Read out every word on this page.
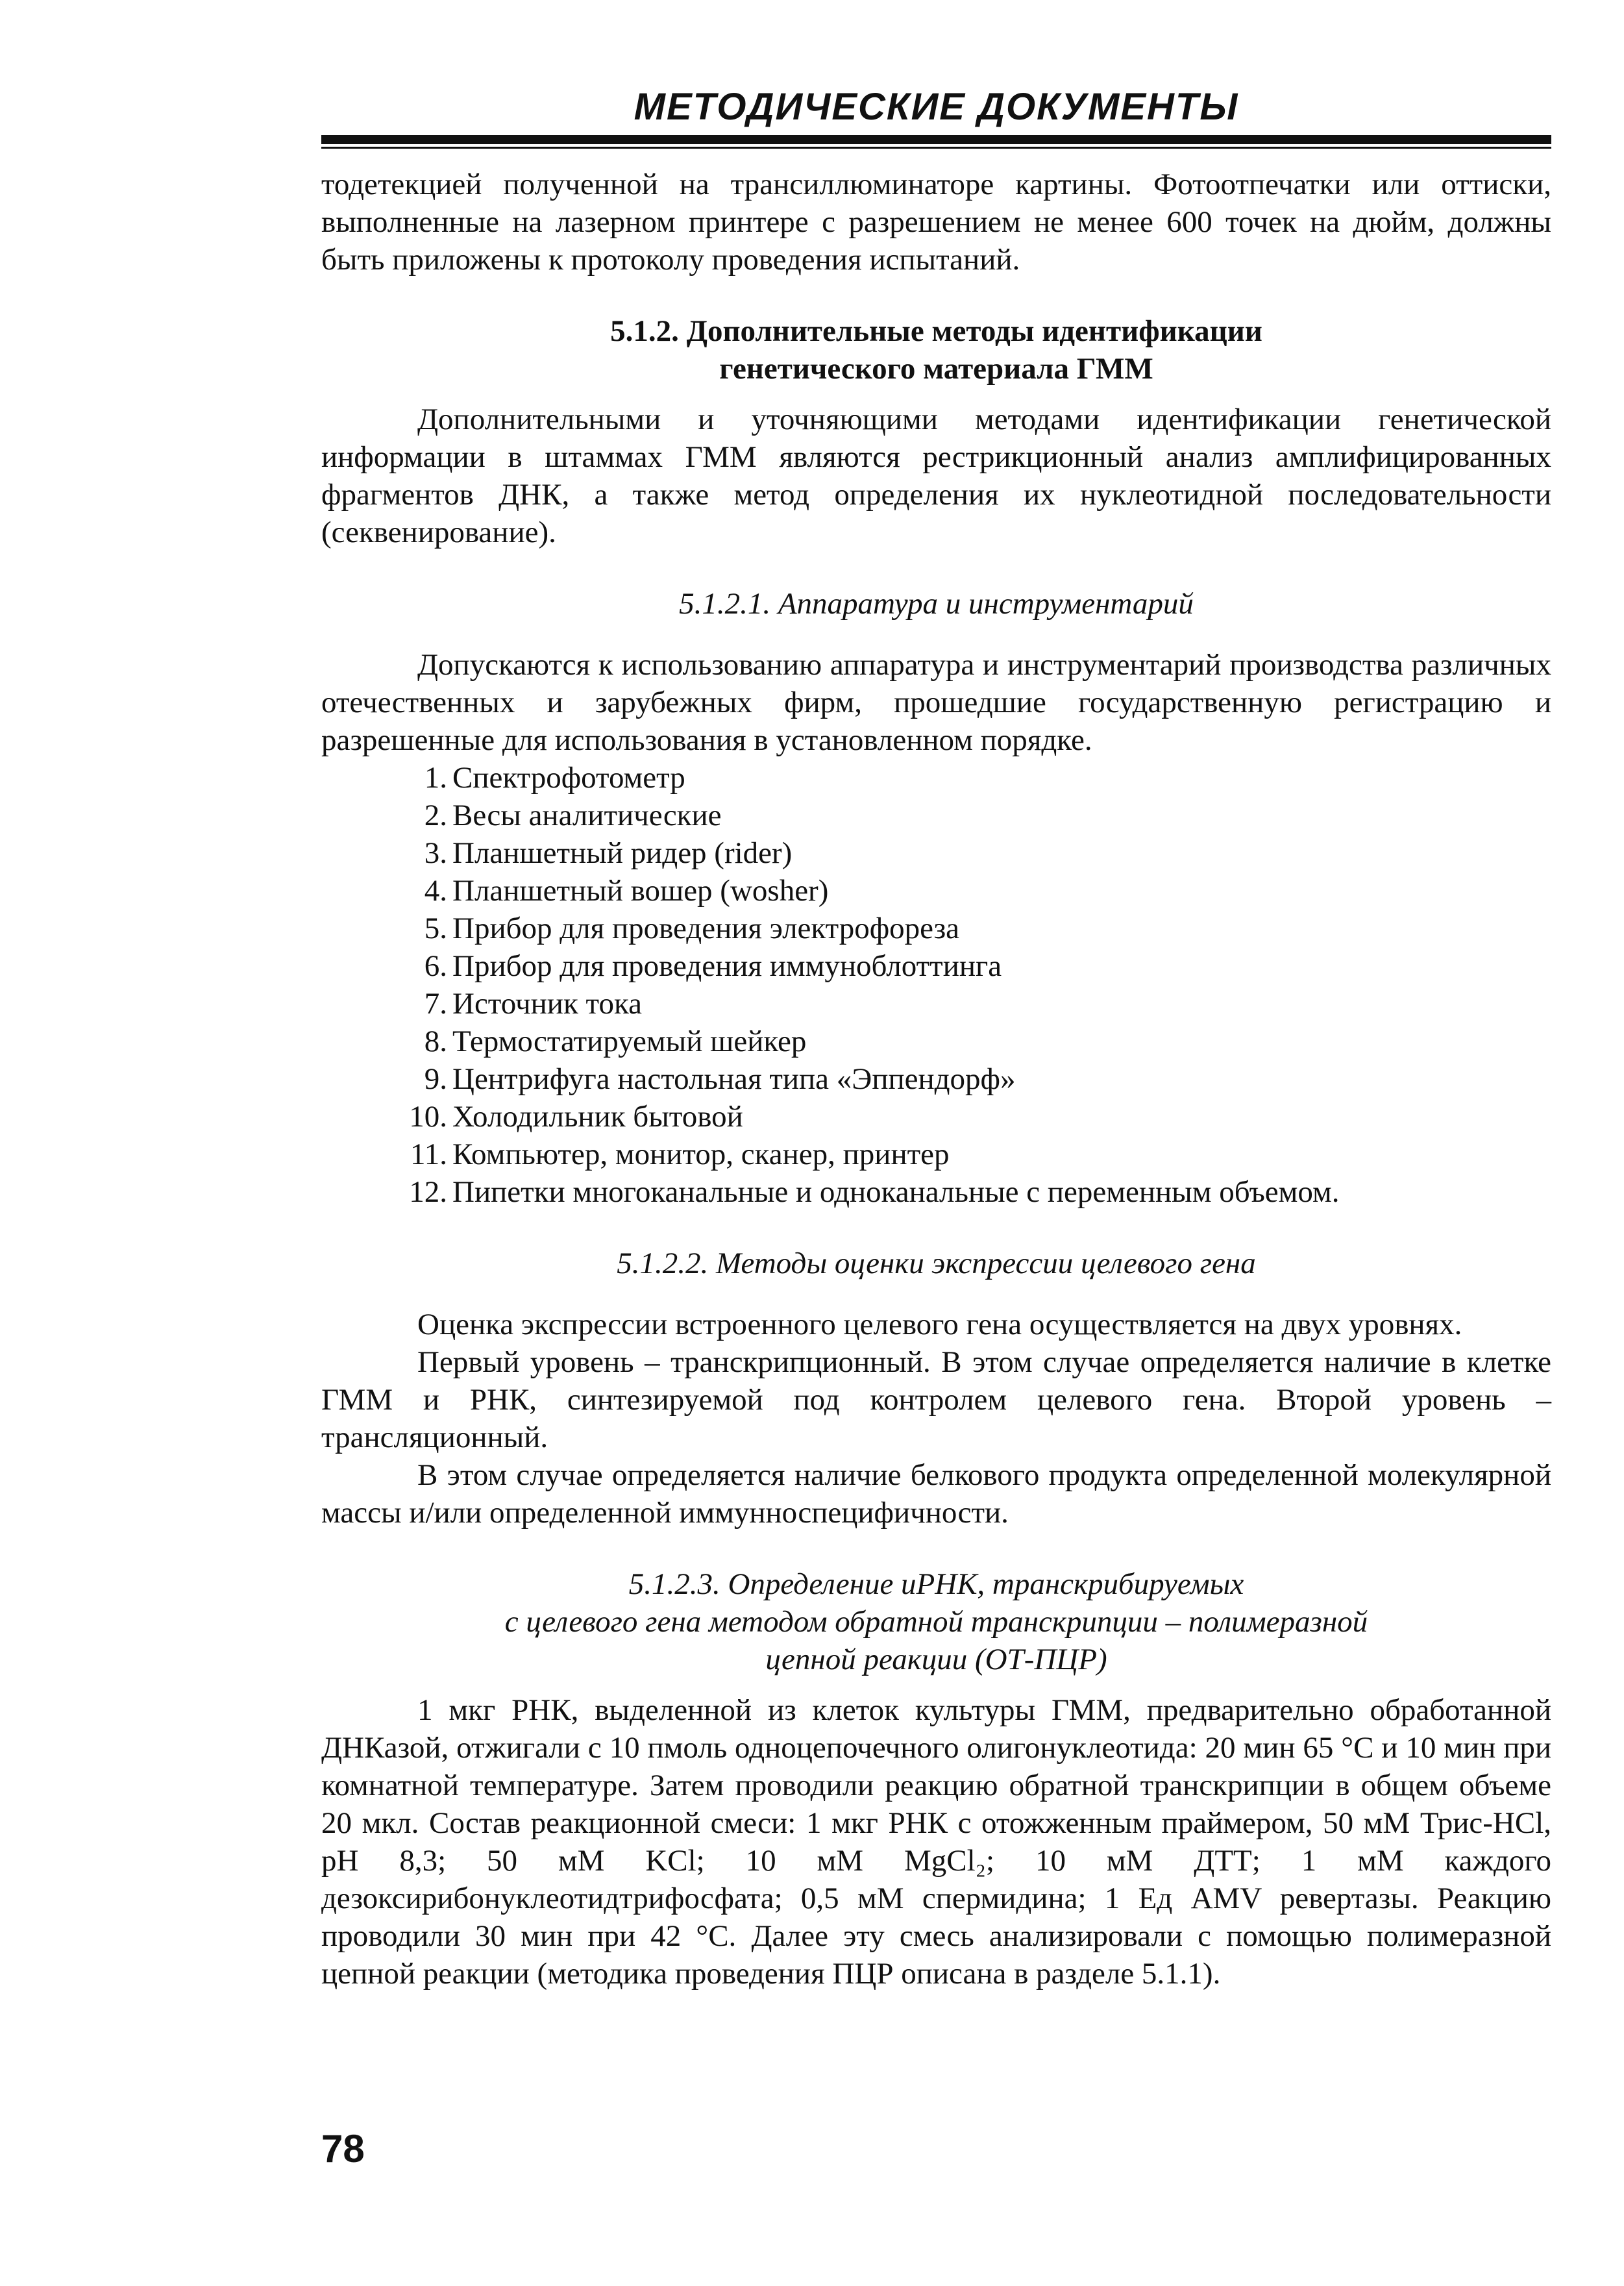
МЕТОДИЧЕСКИЕ ДОКУМЕНТЫ

тодетекцией полученной на трансиллюминаторе картины. Фотоотпечатки или оттиски, выполненные на лазерном принтере с разрешением не менее 600 точек на дюйм, должны быть приложены к протоколу проведения испытаний.

5.1.2. Дополнительные методы идентификации

генетического материала ГММ

Дополнительными и уточняющими методами идентификации генетической информации в штаммах ГММ являются рестрикционный анализ амплифицированных фрагментов ДНК, а также метод определения их нуклеотидной последовательности (секвенирование).

5.1.2.1. Аппаратура и инструментарий

Допускаются к использованию аппаратура и инструментарий производства различных отечественных и зарубежных фирм, прошедшие государственную регистрацию и разрешенные для использования в установленном порядке.

1. Спектрофотометр
2. Весы аналитические
3. Планшетный ридер (rider)
4. Планшетный вошер (wosher)
5. Прибор для проведения электрофореза
6. Прибор для проведения иммуноблоттинга
7. Источник тока
8. Термостатируемый шейкер
9. Центрифуга настольная типа «Эппендорф»
10. Холодильник бытовой
11. Компьютер, монитор, сканер, принтер
12. Пипетки многоканальные и одноканальные с переменным объемом.

5.1.2.2. Методы оценки экспрессии целевого гена

Оценка экспрессии встроенного целевого гена осуществляется на двух уровнях.

Первый уровень – транскрипционный. В этом случае определяется наличие в клетке ГММ и РНК, синтезируемой под контролем целевого гена. Второй уровень – трансляционный.

В этом случае определяется наличие белкового продукта определенной молекулярной массы и/или определенной иммунноспецифичности.

5.1.2.3. Определение иРНК, транскрибируемых

с целевого гена методом обратной транскрипции – полимеразной

цепной реакции (ОТ-ПЦР)

1 мкг РНК, выделенной из клеток культуры ГММ, предварительно обработанной ДНКазой, отжигали с 10 пмоль одноцепочечного олигонуклеотида: 20 мин 65 °С и 10 мин при комнатной температуре. Затем проводили реакцию обратной транскрипции в общем объеме 20 мкл. Состав реакционной смеси: 1 мкг РНК с отожженным праймером, 50 мМ Трис-HCl, pH 8,3; 50 мМ KCl; 10 мМ MgCl₂; 10 мМ ДТТ; 1 мМ каждого дезоксирибонуклеотидтрифосфата; 0,5 мМ спермидина; 1 Ед AMV ревертазы. Реакцию проводили 30 мин при 42 °С. Далее эту смесь анализировали с помощью полимеразной цепной реакции (методика проведения ПЦР описана в разделе 5.1.1).

78
